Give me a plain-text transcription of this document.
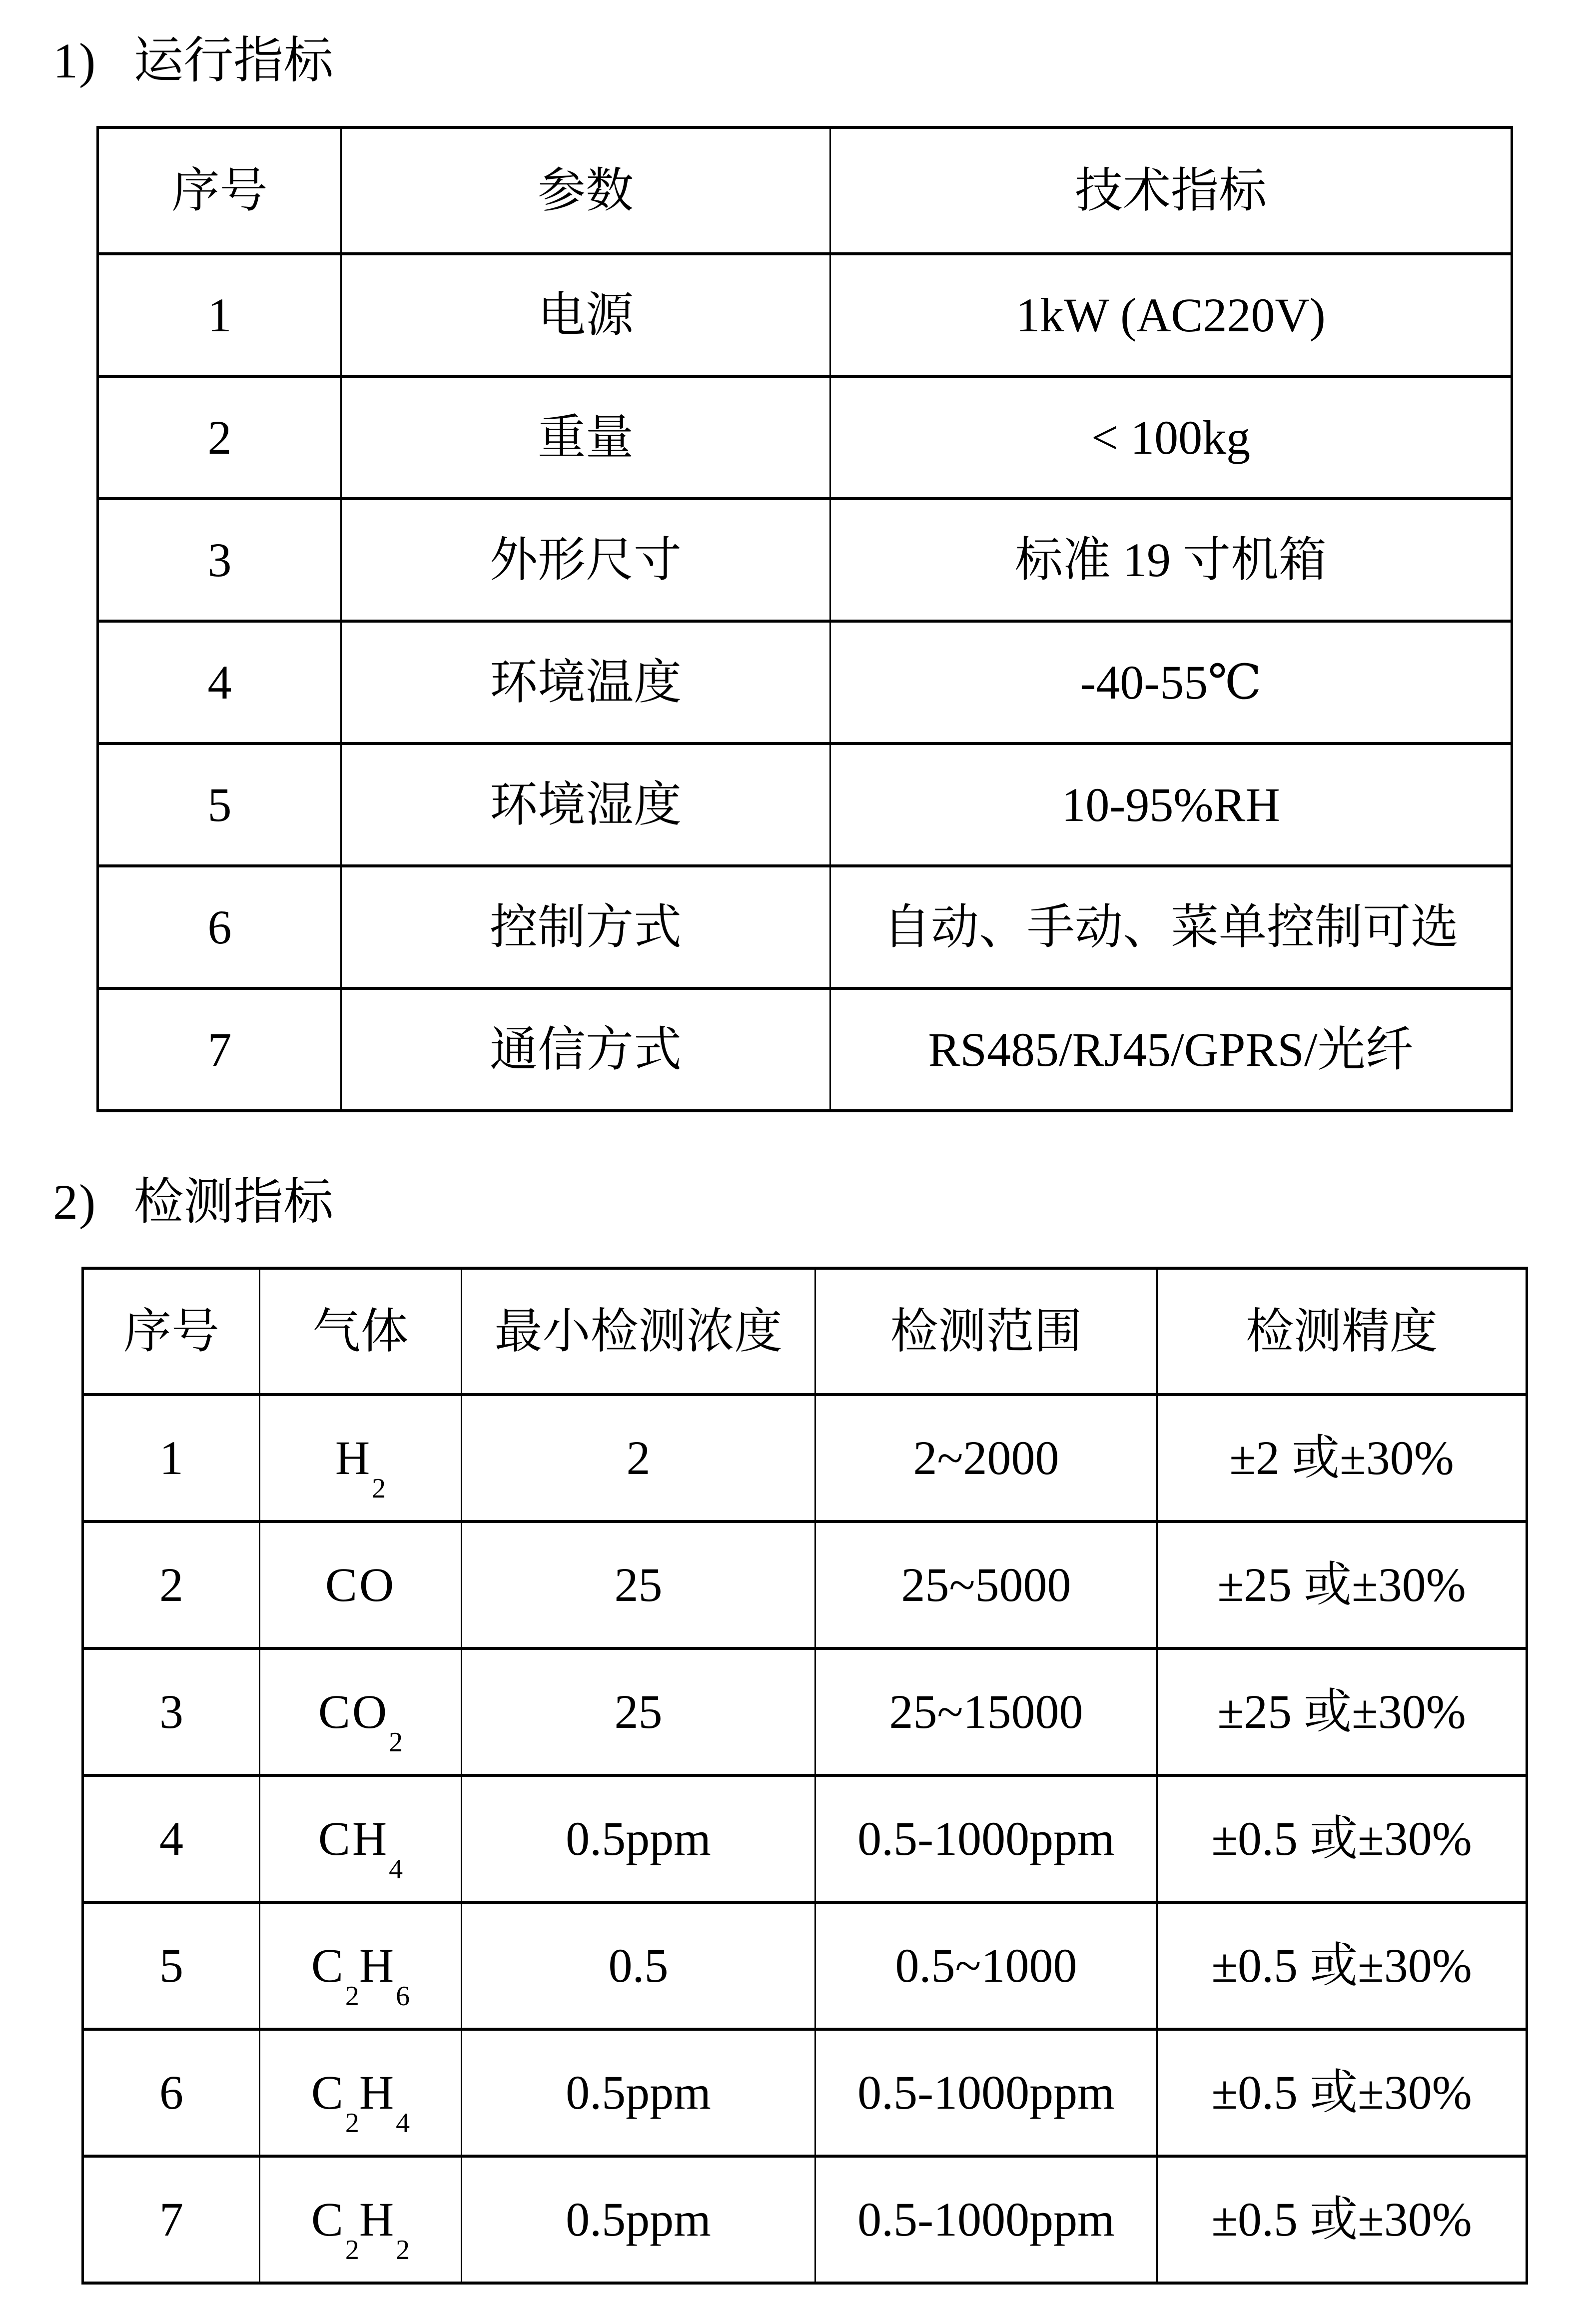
1) 运行指标
序号	参数	技术指标
1	电源	1kW (AC220V)
2	重量	< 100kg
3	外形尺寸	标准 19 寸机箱
4	环境温度	-40-55℃
5	环境湿度	10-95%RH
6	控制方式	自动、手动、菜单控制可选
7	通信方式	RS485/RJ45/GPRS/光纤
2) 检测指标
序号	气体	最小检测浓度	检测范围	检测精度
1	$H_2$	2	2~2000	±2 或±30%
2	CO	25	25~5000	±25 或±30%
3	$CO_2$	25	25~15000	±25 或±30%
4	$CH_4$	0.5ppm	0.5-1000ppm	±0.5 或±30%
5	$C_2H_6$	0.5	0.5~1000	±0.5 或±30%
6	$C_2H_4$	0.5ppm	0.5-1000ppm	±0.5 或±30%
7	$C_2H_2$	0.5ppm	0.5-1000ppm	±0.5 或±30%
